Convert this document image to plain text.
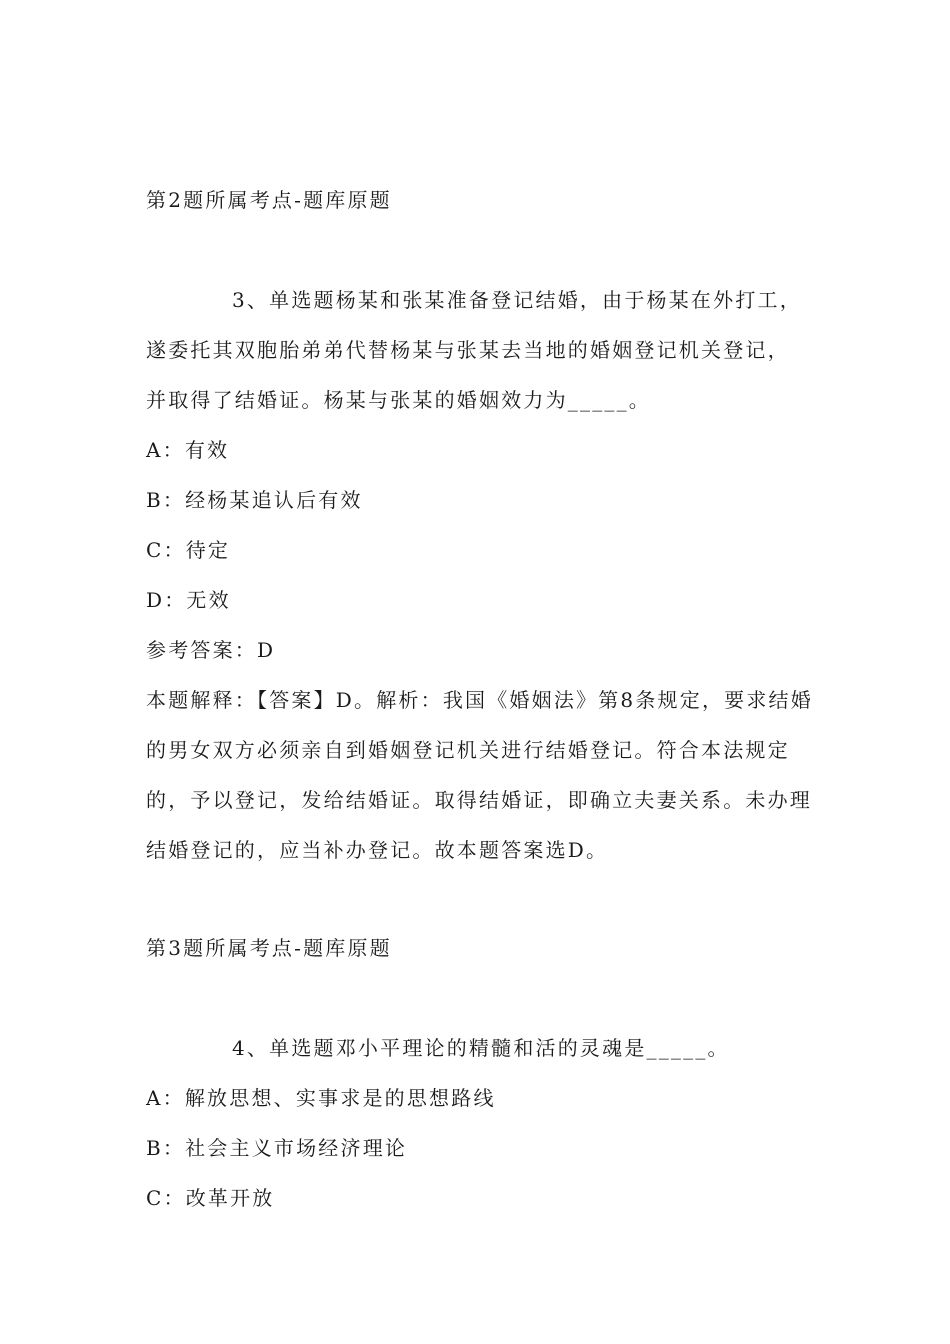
第2题所属考点-题库原题
3、单选题杨某和张某准备登记结婚，由于杨某在外打工，
遂委托其双胞胎弟弟代替杨某与张某去当地的婚姻登记机关登记，
并取得了结婚证。杨某与张某的婚姻效力为_____。
A：有效
B：经杨某追认后有效
C：待定
D：无效
参考答案：D
本题解释：【答案】D。解析：我国《婚姻法》第8条规定，要求结婚
的男女双方必须亲自到婚姻登记机关进行结婚登记。符合本法规定
的，予以登记，发给结婚证。取得结婚证，即确立夫妻关系。未办理
结婚登记的，应当补办登记。故本题答案选D。
第3题所属考点-题库原题
4、单选题邓小平理论的精髓和活的灵魂是_____。
A：解放思想、实事求是的思想路线
B：社会主义市场经济理论
C：改革开放
